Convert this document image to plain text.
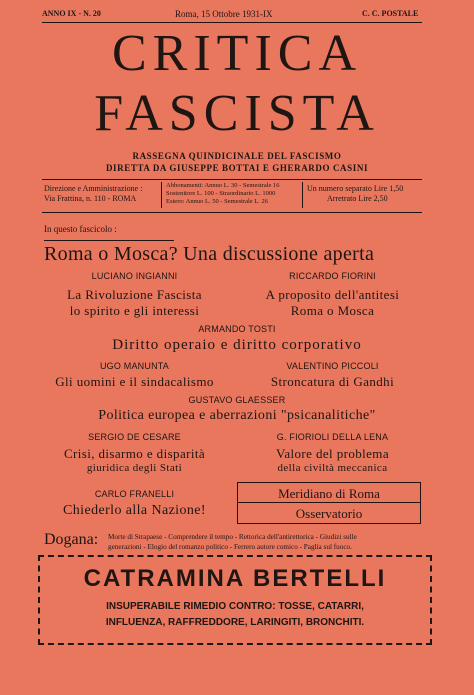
ANNO IX - N. 20	Roma, 15 Ottobre 1931-IX	C. C. POSTALE
CRITICA
FASCISTA
RASSEGNA QUINDICINALE DEL FASCISMO
DIRETTA DA GIUSEPPE BOTTAI E GHERARDO CASINI
Direzione e Amministrazione :
Via Frattina, n. 110 - ROMA
Abbonamenti: Annuo L. 30 - Semestrale 16
Sostenitore L. 100 - Straordinario L. 1000
Estero: Annuo L. 50 - Semestrale L. 26
Un numero separato Lire 1,50
Arretrato Lire 2,50
In questo fascicolo :
Roma o Mosca? Una discussione aperta
LUCIANO INGIANNI
La Rivoluzione Fascista
lo spirito e gli interessi
RICCARDO FIORINI
A proposito dell'antitesi
Roma o Mosca
ARMANDO TOSTI
Diritto operaio e diritto corporativo
UGO MANUNTA
Gli uomini e il sindacalismo
VALENTINO PICCOLI
Stroncatura di Gandhi
GUSTAVO GLAESSER
Politica europea e aberrazioni "psicanalitiche"
SERGIO DE CESARE
Crisi, disarmo e disparità
giuridica degli Stati
G. FIORIOLI DELLA LENA
Valore del problema
della civiltà meccanica
CARLO FRANELLI
Chiederlo alla Nazione!
Meridiano di Roma
Osservatorio
Dogana: Morte di Strapaese - Comprendere il tempo - Rettorica dell'antirettorica - Giudizi sulle
generazioni - Elogio del romanzo politico - Ferrero autore comico - Paglia sul fuoco.
CATRAMINA BERTELLI
INSUPERABILE RIMEDIO CONTRO: TOSSE, CATARRI,
INFLUENZA, RAFFREDDORE, LARINGITI, BRONCHITI.
